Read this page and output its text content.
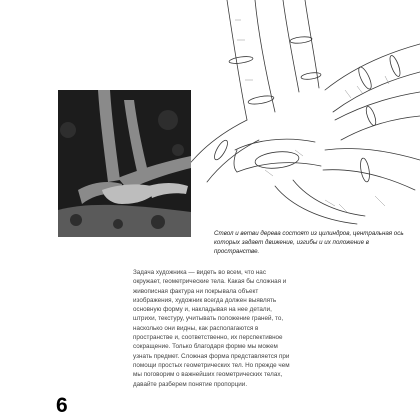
Ствол и ветви дерева состоят из цилиндров, центральная ось которых задает движение, изгибы и их положение в пространстве.
Задача художника — видеть во всем, что нас окружает, геометрические тела. Какая бы сложная и живописная фактура ни покрывала объект изображения, художник всегда должен выявлять основную форму и, накладывая на нее детали, штрихи, текстуру, учитывать положение граней, то, насколько они видны, как располагаются в пространстве и, соответственно, их перспективное сокращение. Только благодаря форме мы можем узнать предмет. Сложная форма представляется при помощи простых геометрических тел. Но прежде чем мы поговорим о важнейших геометрических телах, давайте разберем понятие пропорции.
6
